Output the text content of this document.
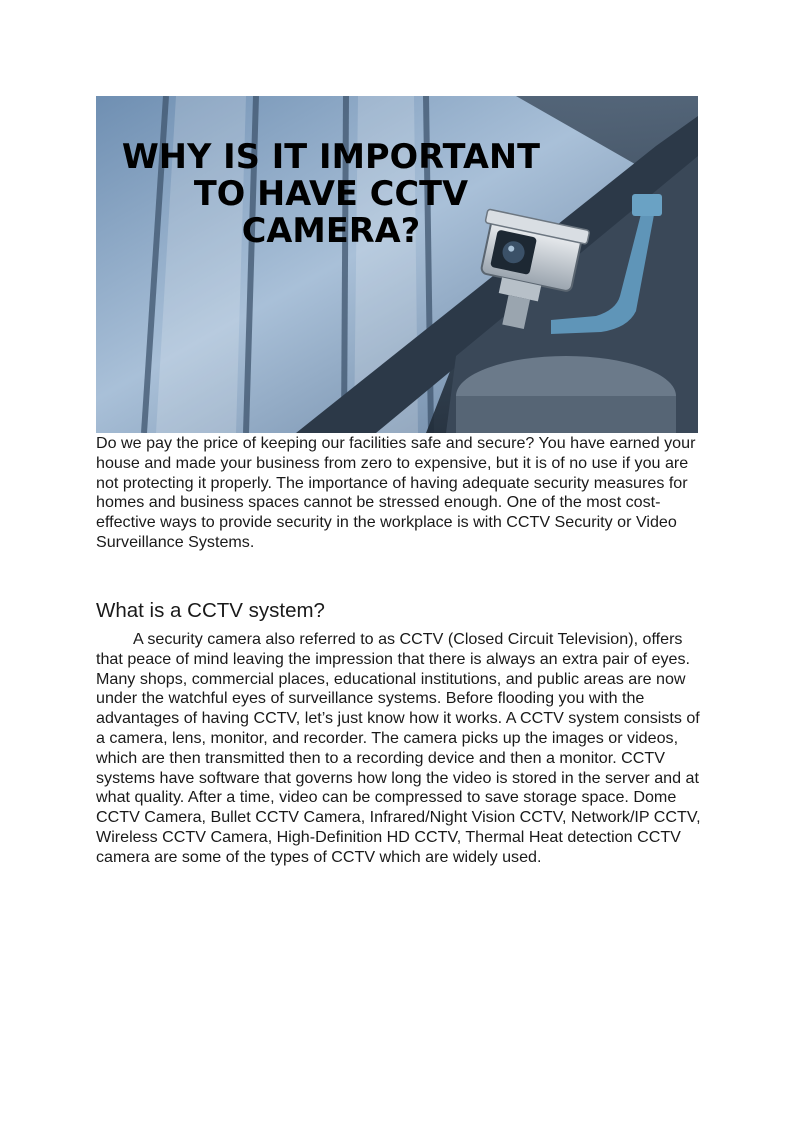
WHY IS IT IMPORTANT
TO HAVE CCTV
CAMERA?

Do we pay the price of keeping our facilities safe and secure? You have earned your house and made your business from zero to expensive, but it is of no use if you are not protecting it properly. The importance of having adequate security measures for homes and business spaces cannot be stressed enough. One of the most cost-effective ways to provide security in the workplace is with CCTV Security or Video Surveillance Systems.

What is a CCTV system?

A security camera also referred to as CCTV (Closed Circuit Television), offers that peace of mind leaving the impression that there is always an extra pair of eyes. Many shops, commercial places, educational institutions, and public areas are now under the watchful eyes of surveillance systems. Before flooding you with the advantages of having CCTV, let’s just know how it works. A CCTV system consists of a camera, lens, monitor, and recorder. The camera picks up the images or videos, which are then transmitted then to a recording device and then a monitor. CCTV systems have software that governs how long the video is stored in the server and at what quality. After a time, video can be compressed to save storage space. Dome CCTV Camera, Bullet CCTV Camera, Infrared/Night Vision CCTV, Network/IP CCTV, Wireless CCTV Camera, High-Definition HD CCTV, Thermal Heat detection CCTV camera are some of the types of CCTV which are widely used.
